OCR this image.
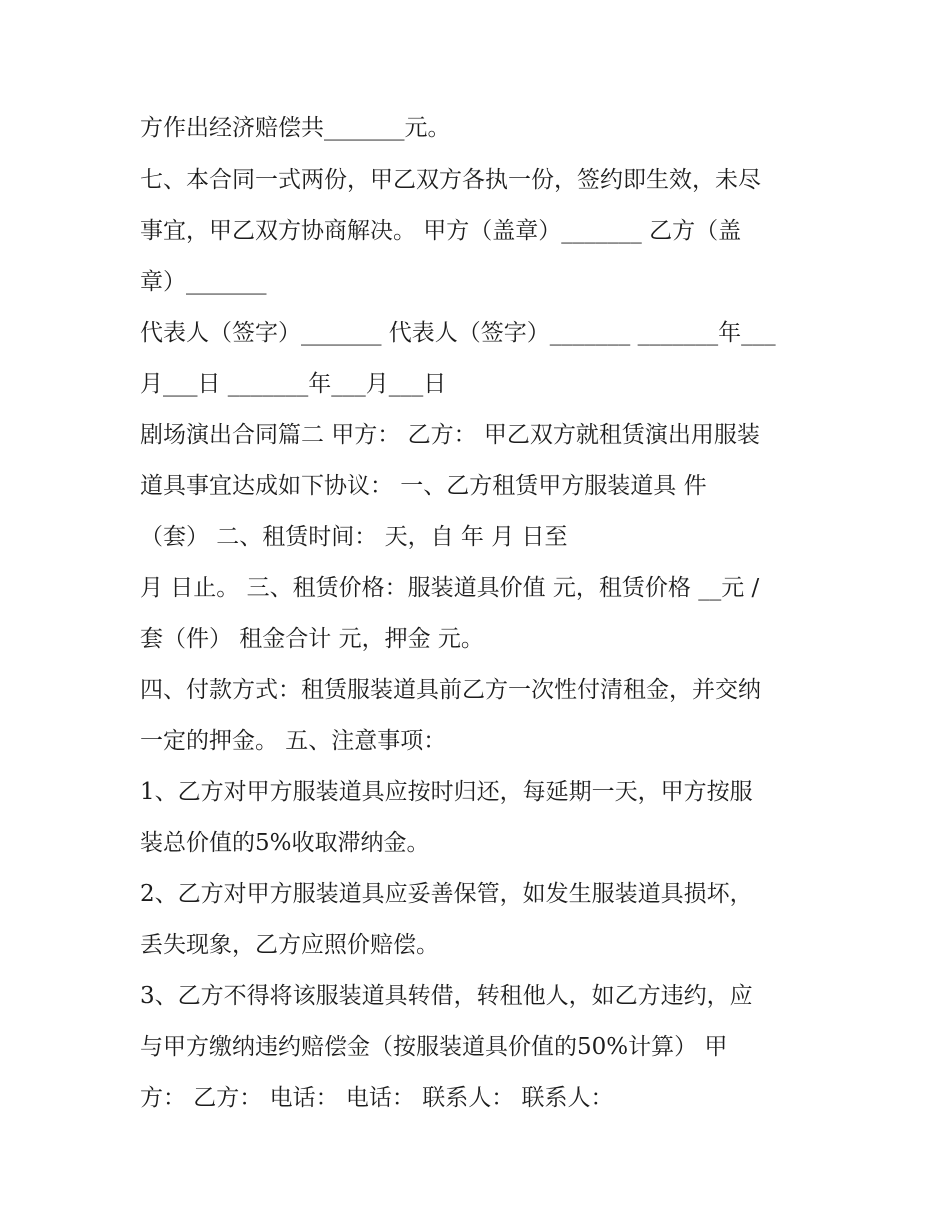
方作出经济赔偿共_______元。

七、本合同一式两份，甲乙双方各执一份，签约即生效，未尽

事宜，甲乙双方协商解决。 甲方（盖章）_______ 乙方（盖

章）_______

代表人（签字）_______ 代表人（签字）_______ _______年___

月___日 _______年___月___日

剧场演出合同篇二 甲方： 乙方： 甲乙双方就租赁演出用服装

道具事宜达成如下协议： 一、乙方租赁甲方服装道具 件

（套） 二、租赁时间： 天，自 年 月 日至

月 日止。 三、租赁价格：服装道具价值 元，租赁价格 __元 /

套（件） 租金合计 元，押金 元。

四、付款方式：租赁服装道具前乙方一次性付清租金，并交纳

一定的押金。 五、注意事项：

1、乙方对甲方服装道具应按时归还，每延期一天，甲方按服

装总价值的5%收取滞纳金。

2、乙方对甲方服装道具应妥善保管，如发生服装道具损坏，

丢失现象，乙方应照价赔偿。

3、乙方不得将该服装道具转借，转租他人，如乙方违约，应

与甲方缴纳违约赔偿金（按服装道具价值的50%计算） 甲

方： 乙方： 电话： 电话： 联系人： 联系人：
